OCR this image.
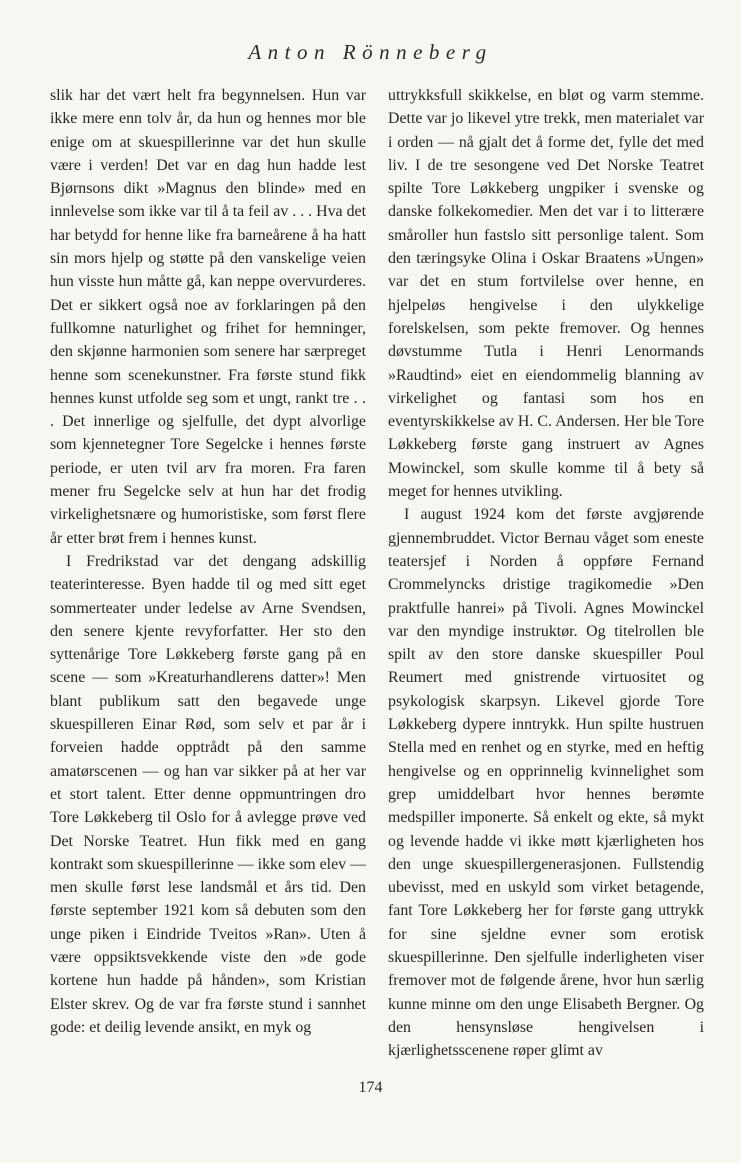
Anton Rönneberg

slik har det vært helt fra begynnelsen. Hun var ikke mere enn tolv år, da hun og hennes mor ble enige om at skuespillerinne var det hun skulle være i verden! Det var en dag hun hadde lest Bjørnsons dikt »Magnus den blinde» med en innlevelse som ikke var til å ta feil av . . . Hva det har betydd for henne like fra barneårene å ha hatt sin mors hjelp og støtte på den vanskelige veien hun visste hun måtte gå, kan neppe overvurderes. Det er sikkert også noe av forklaringen på den fullkomne naturlighet og frihet for hemninger, den skjønne harmonien som senere har særpreget henne som scenekunstner. Fra første stund fikk hennes kunst utfolde seg som et ungt, rankt tre . . . Det innerlige og sjelfulle, det dypt alvorlige som kjennetegner Tore Segelcke i hennes første periode, er uten tvil arv fra moren. Fra faren mener fru Segelcke selv at hun har det frodig virkelighetsnære og humoristiske, som først flere år etter brøt frem i hennes kunst.

I Fredrikstad var det dengang adskillig teaterinteresse. Byen hadde til og med sitt eget sommerteater under ledelse av Arne Svendsen, den senere kjente revyforfatter. Her sto den syttenårige Tore Løkkeberg første gang på en scene — som »Kreaturhandlerens datter»! Men blant publikum satt den begavede unge skuespilleren Einar Rød, som selv et par år i forveien hadde opptrådt på den samme amatørscenen — og han var sikker på at her var et stort talent. Etter denne oppmuntringen dro Tore Løkkeberg til Oslo for å avlegge prøve ved Det Norske Teatret. Hun fikk med en gang kontrakt som skuespillerinne — ikke som elev — men skulle først lese landsmål et års tid. Den første september 1921 kom så debuten som den unge piken i Eindride Tveitos »Ran». Uten å være oppsiktsvekkende viste den »de gode kortene hun hadde på hånden», som Kristian Elster skrev. Og de var fra første stund i sannhet gode: et deilig levende ansikt, en myk og

uttrykksfull skikkelse, en bløt og varm stemme. Dette var jo likevel ytre trekk, men materialet var i orden — nå gjalt det å forme det, fylle det med liv. I de tre sesongene ved Det Norske Teatret spilte Tore Løkkeberg ungpiker i svenske og danske folkekomedier. Men det var i to litterære småroller hun fastslo sitt personlige talent. Som den tæringsyke Olina i Oskar Braatens »Ungen» var det en stum fortvilelse over henne, en hjelpeløs hengivelse i den ulykkelige forelskelsen, som pekte fremover. Og hennes døvstumme Tutla i Henri Lenormands »Raudtind» eiet en eiendommelig blanning av virkelighet og fantasi som hos en eventyrskikkelse av H. C. Andersen. Her ble Tore Løkkeberg første gang instruert av Agnes Mowinckel, som skulle komme til å bety så meget for hennes utvikling.

I august 1924 kom det første avgjørende gjennembruddet. Victor Bernau våget som eneste teatersjef i Norden å oppføre Fernand Crommelyncks dristige tragikomedie »Den praktfulle hanrei» på Tivoli. Agnes Mowinckel var den myndige instruktør. Og titelrollen ble spilt av den store danske skuespiller Poul Reumert med gnistrende virtuositet og psykologisk skarpsyn. Likevel gjorde Tore Løkkeberg dypere inntrykk. Hun spilte hustruen Stella med en renhet og en styrke, med en heftig hengivelse og en opprinnelig kvinnelighet som grep umiddelbart hvor hennes berømte medspiller imponerte. Så enkelt og ekte, så mykt og levende hadde vi ikke møtt kjærligheten hos den unge skuespillergenerasjonen. Fullstendig ubevisst, med en uskyld som virket betagende, fant Tore Løkkeberg her for første gang uttrykk for sine sjeldne evner som erotisk skuespillerinne. Den sjelfulle inderligheten viser fremover mot de følgende årene, hvor hun særlig kunne minne om den unge Elisabeth Bergner. Og den hensynsløse hengivelsen i kjærlighetsscenene røper glimt av

174
